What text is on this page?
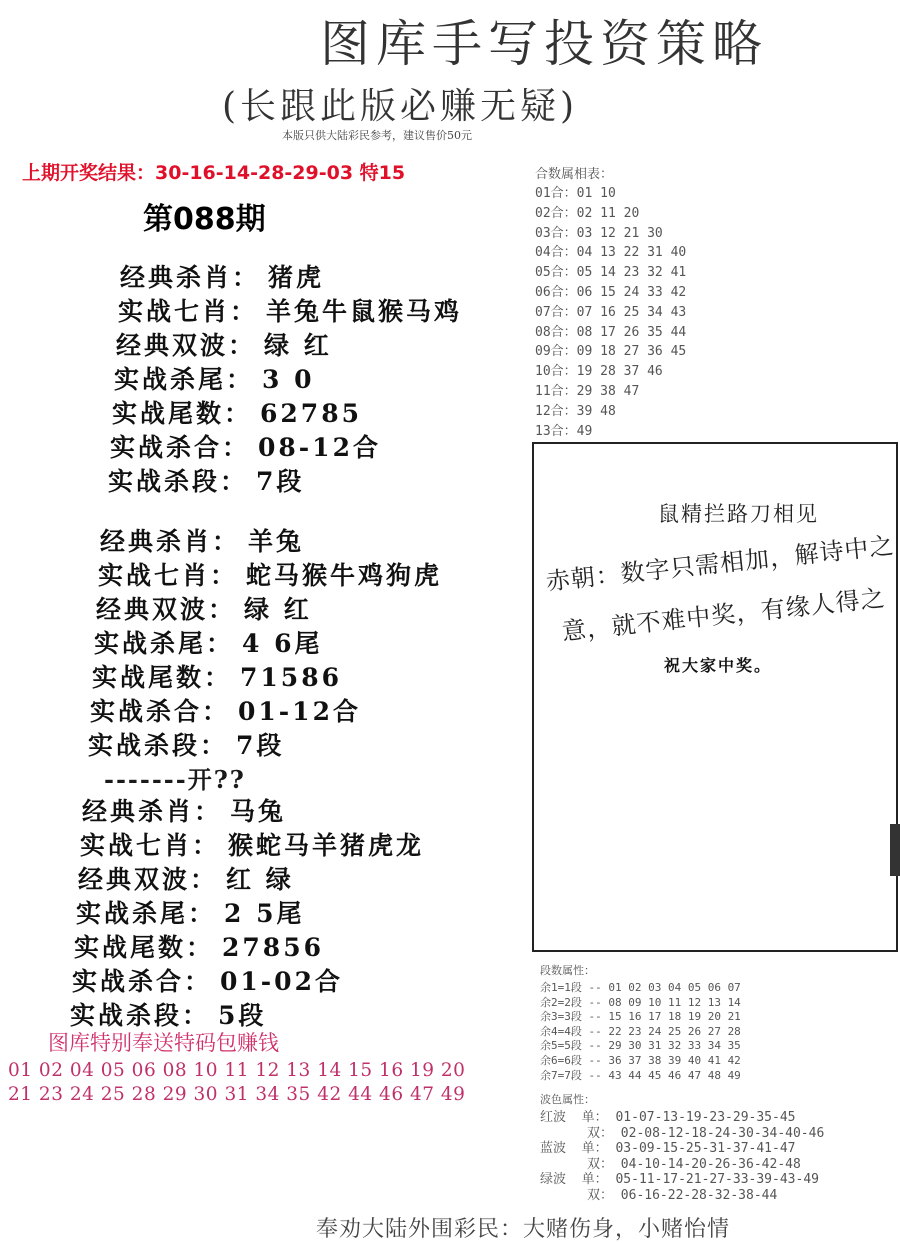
图库手写投资策略
(长跟此版必赚无疑)
本版只供大陆彩民参考，建议售价50元
上期开奖结果：30-16-14-28-29-03 特15
第088期
经典杀肖： 猪虎
实战七肖： 羊兔牛鼠猴马鸡
经典双波： 绿 红
实战杀尾： 3 0
实战尾数： 62785
实战杀合： 08-12合
实战杀段： 7段
经典杀肖： 羊兔
实战七肖： 蛇马猴牛鸡狗虎
经典双波： 绿 红
实战杀尾： 4 6尾
实战尾数： 71586
实战杀合： 01-12合
实战杀段： 7段
经典杀肖： 马兔
实战七肖： 猴蛇马羊猪虎龙
经典双波： 红 绿
实战杀尾： 2 5尾
实战尾数： 27856
实战杀合： 01-02合
实战杀段： 5段
-------开??
图库特别奉送特码包赚钱
01 02 04 05 06 08 10 11 12 13 14 15 16 19 20
21 23 24 25 28 29 30 31 34 35 42 44 46 47 49
合数属相表：
01合：01 10
02合：02 11 20
03合：03 12 21 30
04合：04 13 22 31 40
05合：05 14 23 32 41
06合：06 15 24 33 42
07合：07 16 25 34 43
08合：08 17 26 35 44
09合：09 18 27 36 45
10合：19 28 37 46
11合：29 38 47
12合：39 48
13合：49
鼠精拦路刀相见
赤朝：数字只需相加，解诗中之
意，就不难中奖，有缘人得之
祝大家中奖。
段数属性：
余1=1段 -- 01 02 03 04 05 06 07
余2=2段 -- 08 09 10 11 12 13 14
余3=3段 -- 15 16 17 18 19 20 21
余4=4段 -- 22 23 24 25 26 27 28
余5=5段 -- 29 30 31 32 33 34 35
余6=6段 -- 36 37 38 39 40 41 42
余7=7段 -- 43 44 45 46 47 48 49
波色属性：
红波  单： 01-07-13-19-23-29-35-45
双： 02-08-12-18-24-30-34-40-46
蓝波  单： 03-09-15-25-31-37-41-47
双： 04-10-14-20-26-36-42-48
绿波  单： 05-11-17-21-27-33-39-43-49
双： 06-16-22-28-32-38-44
奉劝大陆外围彩民：大赌伤身，小赌怡情
